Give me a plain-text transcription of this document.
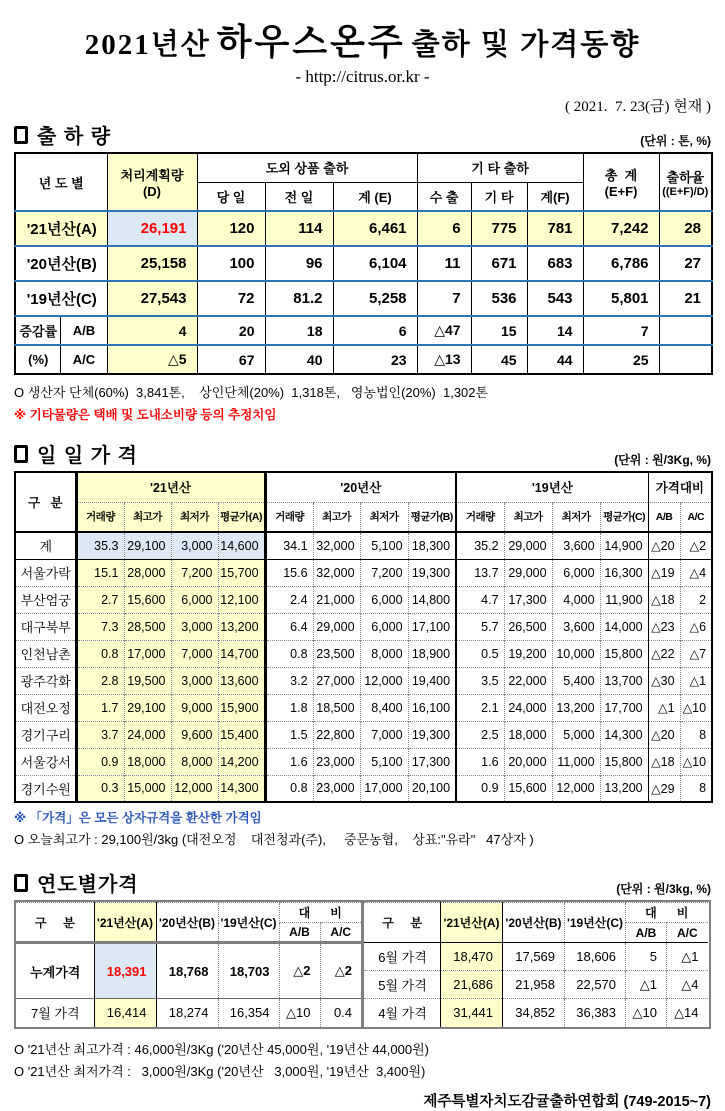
2021년산 하우스온주 출하 및 가격동향
- http://citrus.or.kr -
( 2021.  7. 23(금) 현재 )
출 하 량	(단위 : 톤, %)
년 도 별	처리계획량
(D)
	도외 상품 출하	기 타 출하	총  계
(E+F)

출하율
((E+F)/D)

			당 일	전 일	계 (E)	수 출	기 타	계(F)		
'21년산(A)		26,191	120	114	6,461	6	775	781	7,242	28
'20년산(B)		25,158	100	96	6,104	11	671	683	6,786	27
'19년산(C)		27,543	72	81.2	5,258	7	536	543	5,801	21
증감률	A/B	4	20	18	6	△47	15	14	7	
(%)	A/C	△5	67	40	23	△13	45	44	25	
O 생산자 단체(60%)  3,841톤,    상인단체(20%)  1,318톤,   영농법인(20%)  1,302톤
※ 기타물량은 택배 및 도내소비량 등의 추정치임
일 일 가 격	(단위 : 원/3Kg, %)
구   분	'21년산				'20년산				'19년산				가격대비	
	거래량	최고가	최저가	평균가(A)	거래량	최고가	최저가	평균가(B)	거래량	최고가	최저가	평균가(C)	A/B	A/C
계	35.3	29,100	3,000	14,600	34.1	32,000	5,100	18,300	35.2	29,000	3,600	14,900	△20	△2
서울가락	15.1	28,000	7,200	15,700	15.6	32,000	7,200	19,300	13.7	29,000	6,000	16,300	△19	△4
부산엄궁	2.7	15,600	6,000	12,100	2.4	21,000	6,000	14,800	4.7	17,300	4,000	11,900	△18	2
대구북부	7.3	28,500	3,000	13,200	6.4	29,000	6,000	17,100	5.7	26,500	3,600	14,000	△23	△6
인천남촌	0.8	17,000	7,000	14,700	0.8	23,500	8,000	18,900	0.5	19,200	10,000	15,800	△22	△7
광주각화	2.8	19,500	3,000	13,600	3.2	27,000	12,000	19,400	3.5	22,000	5,400	13,700	△30	△1
대전오정	1.7	29,100	9,000	15,900	1.8	18,500	8,400	16,100	2.1	24,000	13,200	17,700	△1	△10
경기구리	3.7	24,000	9,600	15,400	1.5	22,800	7,000	19,300	2.5	18,000	5,000	14,300	△20	8
서울강서	0.9	18,000	8,000	14,200	1.6	23,000	5,100	17,300	1.6	20,000	11,000	15,800	△18	△10
경기수원	0.3	15,000	12,000	14,300	0.8	23,000	17,000	20,100	0.9	15,600	12,000	13,200	△29	8
※ 「가격」은 모든 상자규격을 환산한 가격임
O 오늘최고가 : 29,100원/3kg (대전오정    대전청과(주),     중문농협,    상표:"유라"   47상자 )
연도별가격	(단위 : 원/3kg, %)
구     분	'21년산(A)	'20년산(B)	'19년산(C)	대      비	
				A/B	A/C
누계가격	18,391	18,768	18,703	△2	△2
7월 가격	16,414	18,274	16,354	△10	0.4
구     분	'21년산(A)	'20년산(B)	'19년산(C)	대      비	
				A/B	A/C
6월 가격	18,470	17,569	18,606	5	△1
5월 가격	21,686	21,958	22,570	△1	△4
4월 가격	31,441	34,852	36,383	△10	△14
O '21년산 최고가격 : 46,000원/3Kg ('20년산 45,000원, '19년산 44,000원)
O '21년산 최저가격 :   3,000원/3Kg ('20년산   3,000원, '19년산  3,400원)
제주특별자치도감귤출하연합회 (749-2015~7)
